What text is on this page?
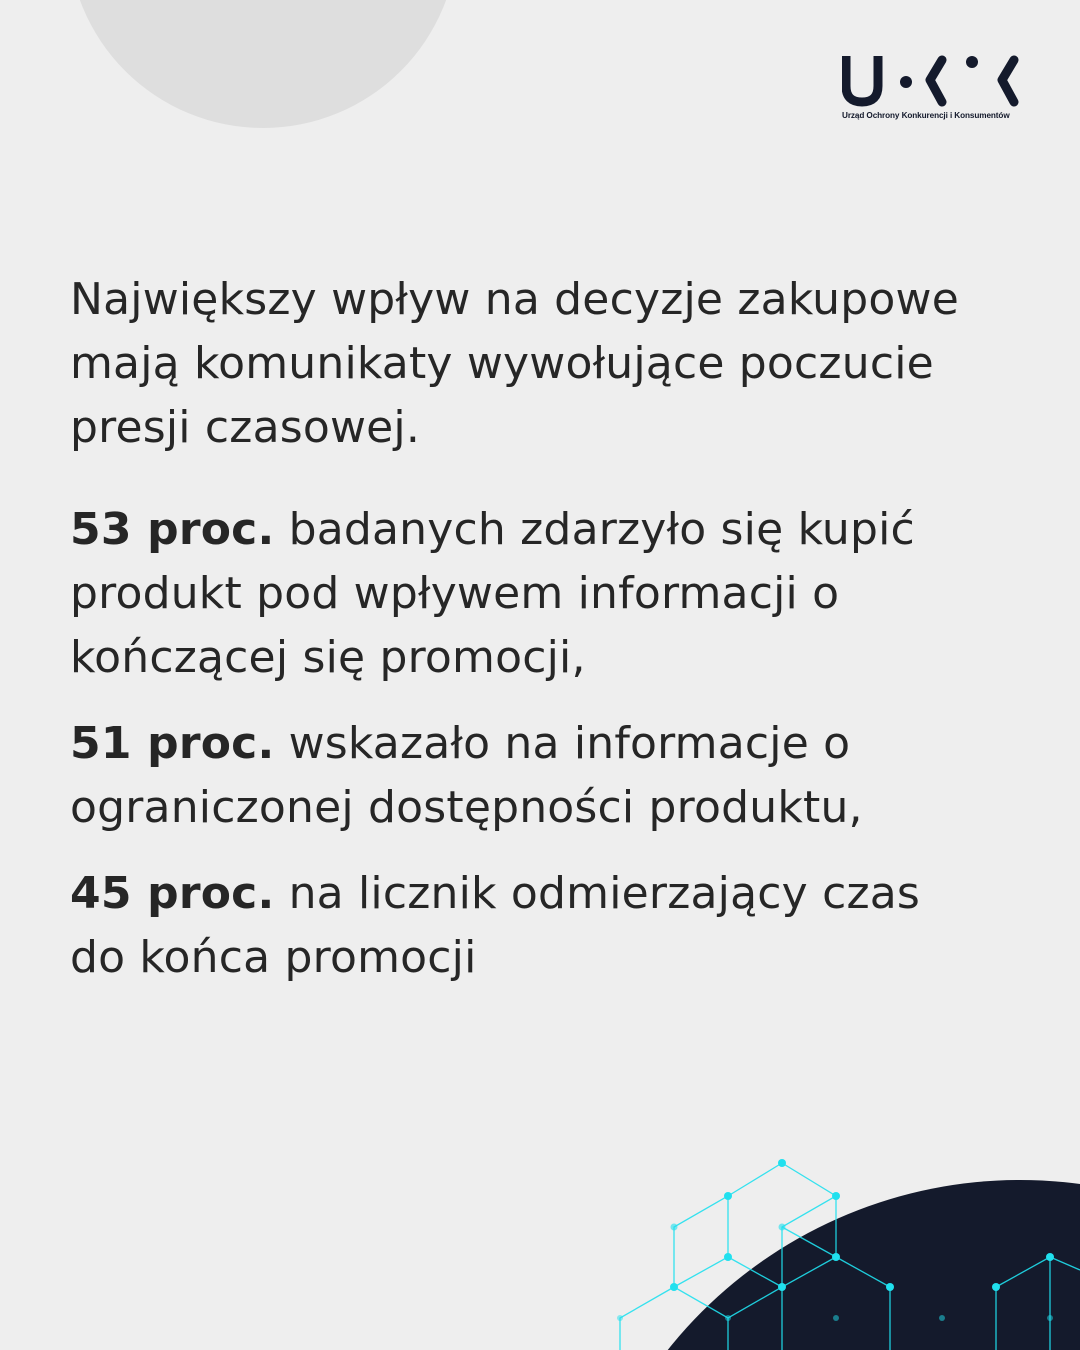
Urząd Ochrony Konkurencji i Konsumentów

Największy wpływ na decyzje zakupowe mają komunikaty wywołujące poczucie presji czasowej.

53 proc. badanych zdarzyło się kupić produkt pod wpływem informacji o kończącej się promocji,
51 proc. wskazało na informacje o ograniczonej dostępności produktu,
45 proc. na licznik odmierzający czas do końca promocji
